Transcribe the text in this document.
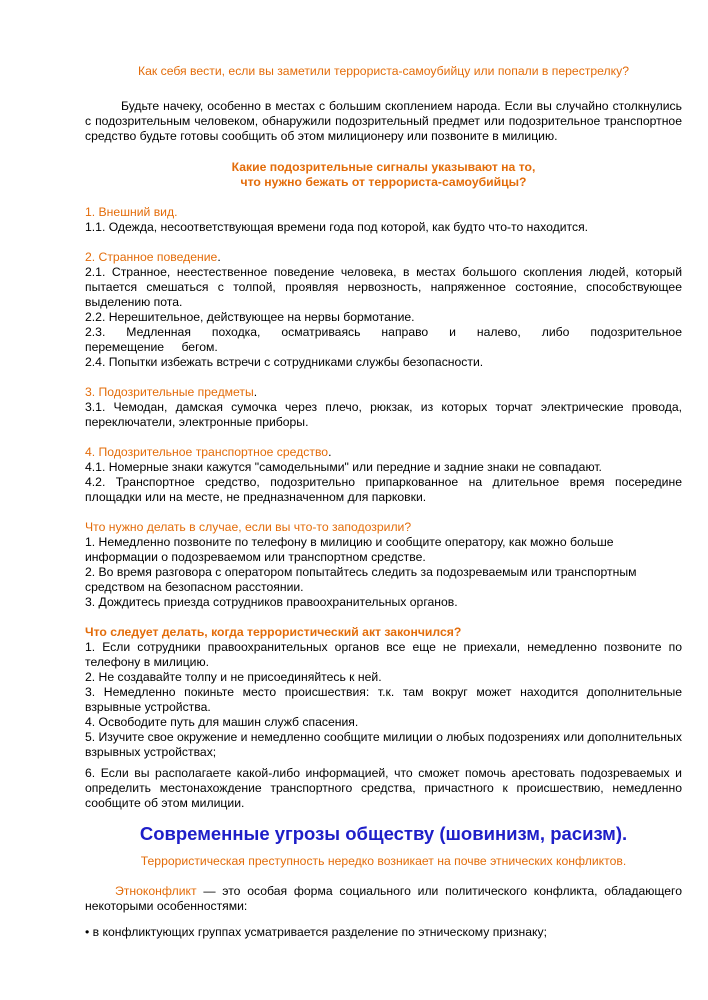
Как себя вести, если вы заметили террориста-самоубийцу или попали в перестрелку?

Будьте начеку, особенно в местах с большим скоплением народа. Если вы случайно столкнулись с подозрительным человеком, обнаружили подозрительный предмет или подозрительное транспортное средство будьте готовы сообщить об этом милиционеру или позвоните в милицию.

Какие подозрительные сигналы указывают на то,
что нужно бежать от террориста-самоубийцы?

1. Внешний вид.

1.1. Одежда, несоответствующая времени года под которой, как будто что-то находится.

2. Странное поведение.

2.1. Странное, неестественное поведение человека, в местах большого скопления людей, который пытается смешаться с толпой, проявляя нервозность, напряженное состояние, способствующее выделению пота.

2.2. Нерешительное, действующее на нервы бормотание.

2.3. Медленная походка, осматриваясь направо и налево, либо подозрительное перемещение бегом.

2.4. Попытки избежать встречи с сотрудниками службы безопасности.

3. Подозрительные предметы.

3.1. Чемодан, дамская сумочка через плечо, рюкзак, из которых торчат электрические провода, переключатели, электронные приборы.

4. Подозрительное транспортное средство.

4.1. Номерные знаки кажутся "самодельными" или передние и задние знаки не совпадают.

4.2. Транспортное средство, подозрительно припаркованное на длительное время посередине площадки или на месте, не предназначенном для парковки.

Что нужно делать в случае, если вы что-то заподозрили?

1. Немедленно позвоните по телефону в милицию и сообщите оператору, как можно больше информации о подозреваемом или транспортном средстве.

2. Во время разговора с оператором попытайтесь следить за подозреваемым или транспортным средством на безопасном расстоянии.

3. Дождитесь приезда сотрудников правоохранительных органов.

Что следует делать, когда террористический акт закончился?

1. Если сотрудники правоохранительных органов все еще не приехали, немедленно позвоните по телефону в милицию.

2. Не создавайте толпу и не присоединяйтесь к ней.

3. Немедленно покиньте место происшествия: т.к. там вокруг может находится дополнительные взрывные устройства.

4. Освободите путь для машин служб спасения.

5. Изучите свое окружение и немедленно сообщите милиции о любых подозрениях или дополнительных взрывных устройствах;

6. Если вы располагаете какой-либо информацией, что сможет помочь арестовать подозреваемых и определить местонахождение транспортного средства, причастного к происшествию, немедленно сообщите об этом милиции.

Современные угрозы обществу (шовинизм, расизм).

Террористическая преступность нередко возникает на почве этнических конфликтов.

Этноконфликт — это особая форма социального или политического конфликта, обладающего некоторыми особенностями:

• в конфликтующих группах усматривается разделение по этническому признаку;
